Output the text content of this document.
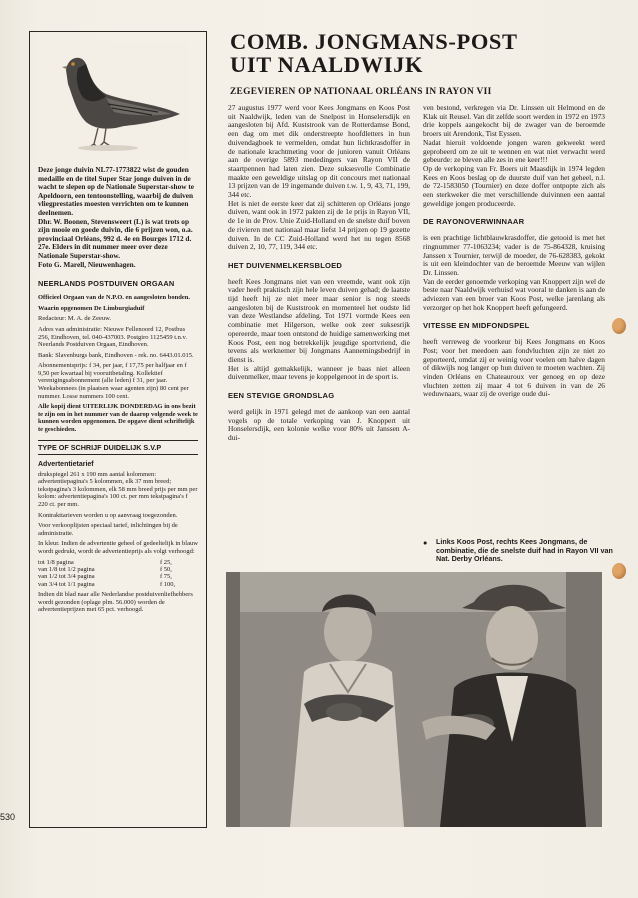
530

Deze jonge duivin NL77-1773822 wist de gouden medaille en de titel Super Star jonge duiven in de wacht te slepen op de Nationale Superstar-show te Apeldoorn, een tentoonstelling, waarbij de duiven vliegprestaties moesten verrichten om te kunnen deelnemen.

Dhr. W. Boonen, Stevensweert (L) is wat trots op zijn mooie en goede duivin, die 6 prijzen won, o.a. provinciaal Orléans, 992 d. 4e en Bourges 1712 d. 27e. Elders in dit nummer meer over deze Nationale Superstar-show.

Foto G. Marell, Nieuwenhagen.

NEERLANDS POSTDUIVEN ORGAAN
Officieel Orgaan van de N.P.O. en aangesloten bonden.
Waarin opgenomen De Limburgiaduif
Redacteur: M. A. de Zeeuw.
Adres van administratie: Nieuwe Fellenoord 12, Postbus 256, Eindhoven, tel. 040-437003. Postgiro 1125459 t.n.v. Neerlands Postduiven Orgaan, Eindhoven.
Bank: Slavenburgs bank, Eindhoven - rek. no. 6443.01.015.
Abonnementsprijs: f 34, per jaar, f 17,75 per halfjaar en f 9,50 per kwartaal bij vooruitbetaling. Kollektief verenigingsabonnement (alle leden) f 31, per jaar. Weekabonnees (in plaatsen waar agenten zijn) 80 cent per nummer. Losse nummers 100 cent.
Alle kopij dient UITERLIJK DONDERDAG in ons bezit te zijn om in het nummer van de daarop volgende week te kunnen worden opgenomen. De opgave dient schriftelijk te geschieden.
TYPE OF SCHRIJF DUIDELIJK S.V.P
Advertentietarief
drukspiegel 261 x 190 mm aantal kolommen: advertentiepagina's 5 kolommen, elk 37 mm breed; tekstpagina's 3 kolommen, elk 58 mm breed prijs per mm per kolom: advertentiepagina's 100 ct. per mm tekstpagina's f 220 ct. per mm.
Kontrakttarieven worden u op aanvraag toegezonden.
Voor verkooplijsten speciaal tarief, inlichtingen bij de administratie.
In kleur. Indien de advertentie geheel of gedeeltelijk in blauw wordt gedrukt, wordt de advertentieprijs als volgt verhoogd:
tot 1/8 pagina	f 25,
van 1/8 tot 1/2 pagina	f 50,
van 1/2 tot 3/4 pagina	f 75,
van 3/4 tot 1/1 pagina	f 100,
Indien dit blad naar alle Nederlandse postduivenliefhebbers wordt gezonden (oplage plm. 56.000) worden de advertentieprijzen met 65 pct. verhoogd.
COMB. JONGMANS-POST
UIT NAALDWIJK
ZEGEVIEREN OP NATIONAAL ORLÉANS IN RAYON VII

27 augustus 1977 werd voor Kees Jongmans en Koos Post uit Naaldwijk, leden van de Snelpost in Honselersdijk en aangesloten bij Afd. Kuststrook van de Rotterdamse Bond, een dag om met dik onderstreepte hoofdletters in hun duivendagboek te vermelden, omdat hun lichtkrasdoffer in de nationale krachtmeting voor de junioren vanuit Orléans aan de overige 5893 mededingers van Rayon VII de staartpennen had laten zien. Deze suksesvolle Combinatie maakte een geweldige uitslag op dit concours met nationaal 13 prijzen van de 19 ingemande duiven t.w. 1, 9, 43, 71, 199, 344 etc.

Het is niet de eerste keer dat zij schitteren op Orléans jonge duiven, want ook in 1972 pakten zij de 1e prijs in Rayon VII, de 1e in de Prov. Unie Zuid-Holland en de snelste duif boven de rivieren met nationaal maar liefst 14 prijzen op 19 gezette duiven. In de CC Zuid-Holland werd het nu tegen 8568 duiven 2, 10, 77, 119, 344 etc.

HET DUIVENMELKERSBLOED

heeft Kees Jongmans niet van een vreemde, want ook zijn vader heeft praktisch zijn hele leven duiven gehad; de laatste tijd heeft hij ze niet meer maar senior is nog steeds aangesloten bij de Kuststrook en momenteel het oudste lid van deze Westlandse afdeling. Tot 1971 vormde Kees een combinatie met Hilgerson, welke ook zeer suksesrijk opereerde, maar toen ontstond de huidige samenwerking met Koos Post, een nog betrekkelijk jeugdige sportvriend, die tevens als werknemer bij Jongmans Aannemingsbedrijf in dienst is.

Het is altijd gemakkelijk, wanneer je baas niet alleen duivenmelker, maar tevens je koppelgenoot in de sport is.

EEN STEVIGE GRONDSLAG

werd gelijk in 1971 gelegd met de aankoop van een aantal vogels op de totale verkoping van J. Knoppert uit Honselersdijk, een kolonie welke voor 80% uit Janssen A-dui-

ven bestond, verkregen via Dr. Linssen uit Helmond en de Klak uit Reusel. Van dit zelfde soort werden in 1972 en 1973 drie koppels aangekocht bij de zwager van de beroemde broers uit Arendonk, Tist Eyssen.

Nadat hieruit voldoende jongen waren gekweekt werd geprobeerd om ze uit te wennen en wat niet verwacht werd gebeurde: ze bleven alle zes in ene keer!!!

Op de verkoping van Fr. Boers uit Maasdijk in 1974 legden Kees en Koos beslag op de duurste duif van het geheel, n.l. de 72-1583050 (Tournier) en deze doffer ontpopte zich als een sterkweker die met verschillende duivinnen een aantal geweldige jongen produceerde.

DE RAYONOVERWINNAAR

is een prachtige lichtblauwkrasdoffer, die getooid is met het ringnummer 77-1063234; vader is de 75-864328, kruising Janssen x Tournier, terwijl de moeder, de 76-628383, gekokt is uit een kleindochter van de beroemde Meeuw van wijlen Dr. Linssen.

Van de eerder genoemde verkoping van Knoppert zijn wel de beste naar Naaldwijk verhuisd wat vooral te danken is aan de adviezen van een broer van Koos Post, welke jarenlang als verzorger op het hok Knoppert heeft gefungeerd.

VITESSE EN MIDFONDSPEL

heeft verreweg de voorkeur bij Kees Jongmans en Koos Post; voor het meedoen aan fondvluchten zijn ze niet zo geporteerd, omdat zij er weinig voor voelen om halve dagen of dikwijls nog langer op hun duiven te moeten wachten. Zij vinden Orléans en Chateauroux ver genoeg en op deze vluchten zetten zij maar 4 tot 6 duiven in van de 26 weduwnaars, waar zij de overige oude dui-

●	Links Koos Post, rechts Kees Jongmans, de combinatie, die de snelste duif had in Rayon VII van Nat. Derby Orléans.
